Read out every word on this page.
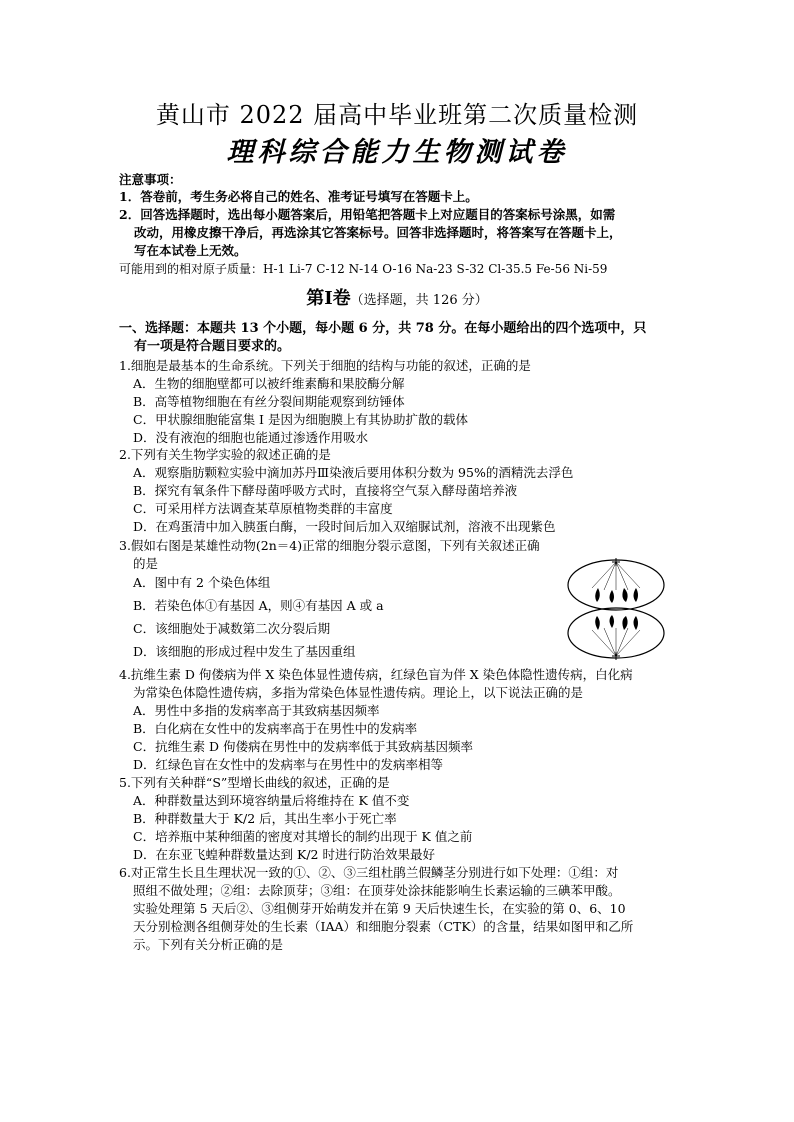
黄山市 2022 届高中毕业班第二次质量检测
理科综合能力生物测试卷
注意事项：
1．答卷前，考生务必将自己的姓名、准考证号填写在答题卡上。
2．回答选择题时，选出每小题答案后，用铅笔把答题卡上对应题目的答案标号涂黑，如需
改动，用橡皮擦干净后，再选涂其它答案标号。回答非选择题时，将答案写在答题卡上，
写在本试卷上无效。
可能用到的相对原子质量：H-1 Li-7 C-12 N-14 O-16 Na-23 S-32 Cl-35.5 Fe-56 Ni-59
第Ⅰ卷（选择题，共 126 分）
一、选择题：本题共 13 个小题，每小题 6 分，共 78 分。在每小题给出的四个选项中，只
有一项是符合题目要求的。
1.细胞是最基本的生命系统。下列关于细胞的结构与功能的叙述，正确的是
A．生物的细胞壁都可以被纤维素酶和果胶酶分解
B．高等植物细胞在有丝分裂间期能观察到纺锤体
C．甲状腺细胞能富集 I 是因为细胞膜上有其协助扩散的载体
D．没有液泡的细胞也能通过渗透作用吸水
2.下列有关生物学实验的叙述正确的是
A．观察脂肪颗粒实验中滴加苏丹Ⅲ染液后要用体积分数为 95%的酒精洗去浮色
B．探究有氧条件下酵母菌呼吸方式时，直接将空气泵入酵母菌培养液
C．可采用样方法调查某草原植物类群的丰富度
D．在鸡蛋清中加入胰蛋白酶，一段时间后加入双缩脲试剂，溶液不出现紫色
3.假如右图是某雄性动物(2n＝4)正常的细胞分裂示意图，下列有关叙述正确
的是
A．图中有 2 个染色体组
B．若染色体①有基因 A，则④有基因 A 或 a
C．该细胞处于减数第二次分裂后期
D．该细胞的形成过程中发生了基因重组
4.抗维生素 D 佝偻病为伴 X 染色体显性遗传病，红绿色盲为伴 X 染色体隐性遗传病，白化病
为常染色体隐性遗传病，多指为常染色体显性遗传病。理论上，以下说法正确的是
A．男性中多指的发病率高于其致病基因频率
B．白化病在女性中的发病率高于在男性中的发病率
C．抗维生素 D 佝偻病在男性中的发病率低于其致病基因频率
D．红绿色盲在女性中的发病率与在男性中的发病率相等
5.下列有关种群“S”型增长曲线的叙述，正确的是
A．种群数量达到环境容纳量后将维持在 K 值不变
B．种群数量大于 K/2 后，其出生率小于死亡率
C．培养瓶中某种细菌的密度对其增长的制约出现于 K 值之前
D．在东亚飞蝗种群数量达到 K/2 时进行防治效果最好
6.对正常生长且生理状况一致的①、②、③三组杜鹃兰假鳞茎分别进行如下处理：①组：对
照组不做处理；②组：去除顶芽；③组：在顶芽处涂抹能影响生长素运输的三碘苯甲酸。
实验处理第 5 天后②、③组侧芽开始萌发并在第 9 天后快速生长，在实验的第 0、6、10
天分别检测各组侧芽处的生长素（IAA）和细胞分裂素（CTK）的含量，结果如图甲和乙所
示。下列有关分析正确的是
